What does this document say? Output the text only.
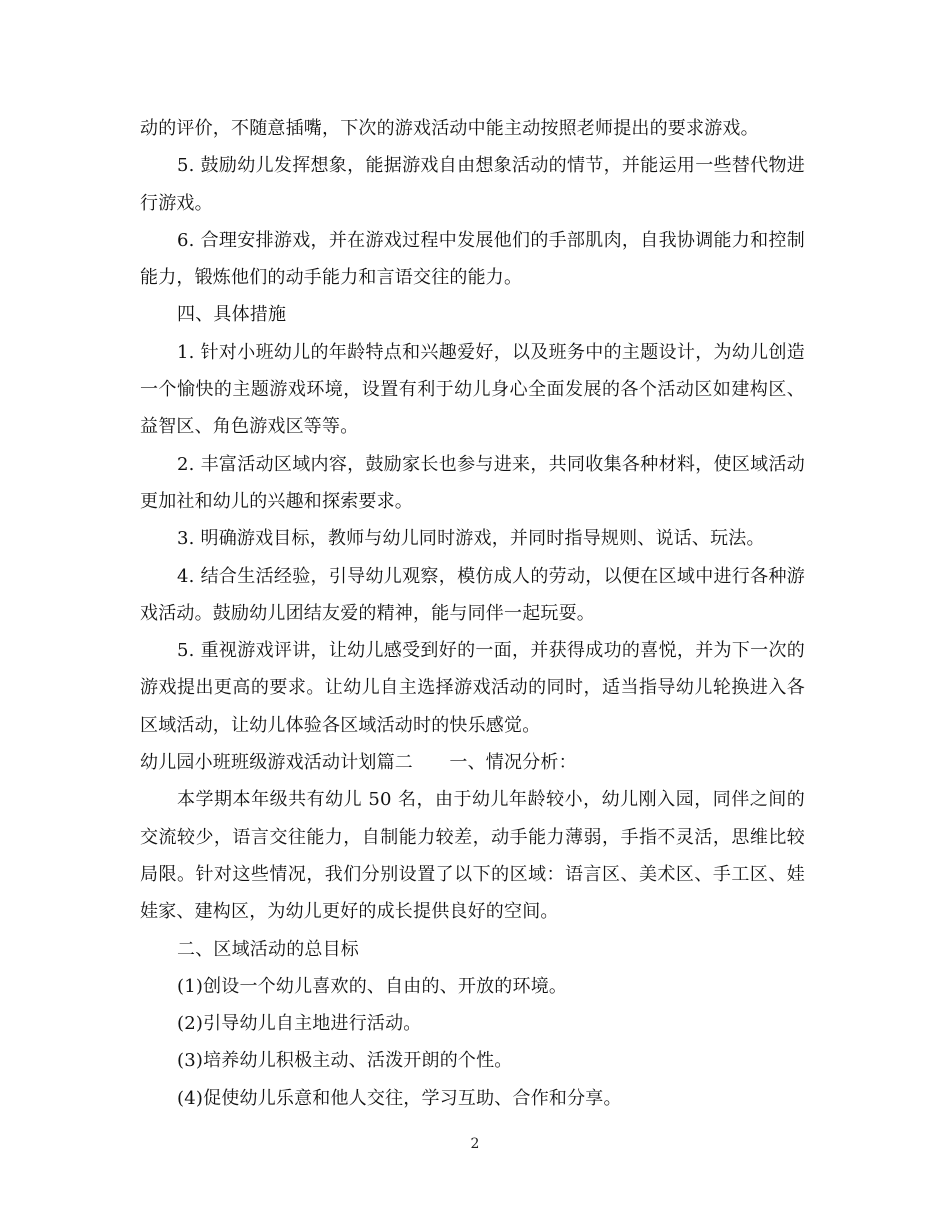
动的评价，不随意插嘴，下次的游戏活动中能主动按照老师提出的要求游戏。

5. 鼓励幼儿发挥想象，能据游戏自由想象活动的情节，并能运用一些替代物进行游戏。

6. 合理安排游戏，并在游戏过程中发展他们的手部肌肉，自我协调能力和控制能力，锻炼他们的动手能力和言语交往的能力。

四、具体措施

1. 针对小班幼儿的年龄特点和兴趣爱好，以及班务中的主题设计，为幼儿创造一个愉快的主题游戏环境，设置有利于幼儿身心全面发展的各个活动区如建构区、益智区、角色游戏区等等。

2. 丰富活动区域内容，鼓励家长也参与进来，共同收集各种材料，使区域活动更加社和幼儿的兴趣和探索要求。

3. 明确游戏目标，教师与幼儿同时游戏，并同时指导规则、说话、玩法。

4. 结合生活经验，引导幼儿观察，模仿成人的劳动，以便在区域中进行各种游戏活动。鼓励幼儿团结友爱的精神，能与同伴一起玩耍。

5. 重视游戏评讲，让幼儿感受到好的一面，并获得成功的喜悦，并为下一次的游戏提出更高的要求。让幼儿自主选择游戏活动的同时，适当指导幼儿轮换进入各区域活动，让幼儿体验各区域活动时的快乐感觉。

幼儿园小班班级游戏活动计划篇二　　一、情况分析：

本学期本年级共有幼儿 50 名，由于幼儿年龄较小，幼儿刚入园，同伴之间的交流较少，语言交往能力，自制能力较差，动手能力薄弱，手指不灵活，思维比较局限。针对这些情况，我们分别设置了以下的区域：语言区、美术区、手工区、娃娃家、建构区，为幼儿更好的成长提供良好的空间。

二、区域活动的总目标

(1)创设一个幼儿喜欢的、自由的、开放的环境。

(2)引导幼儿自主地进行活动。

(3)培养幼儿积极主动、活泼开朗的个性。

(4)促使幼儿乐意和他人交往，学习互助、合作和分享。

2
